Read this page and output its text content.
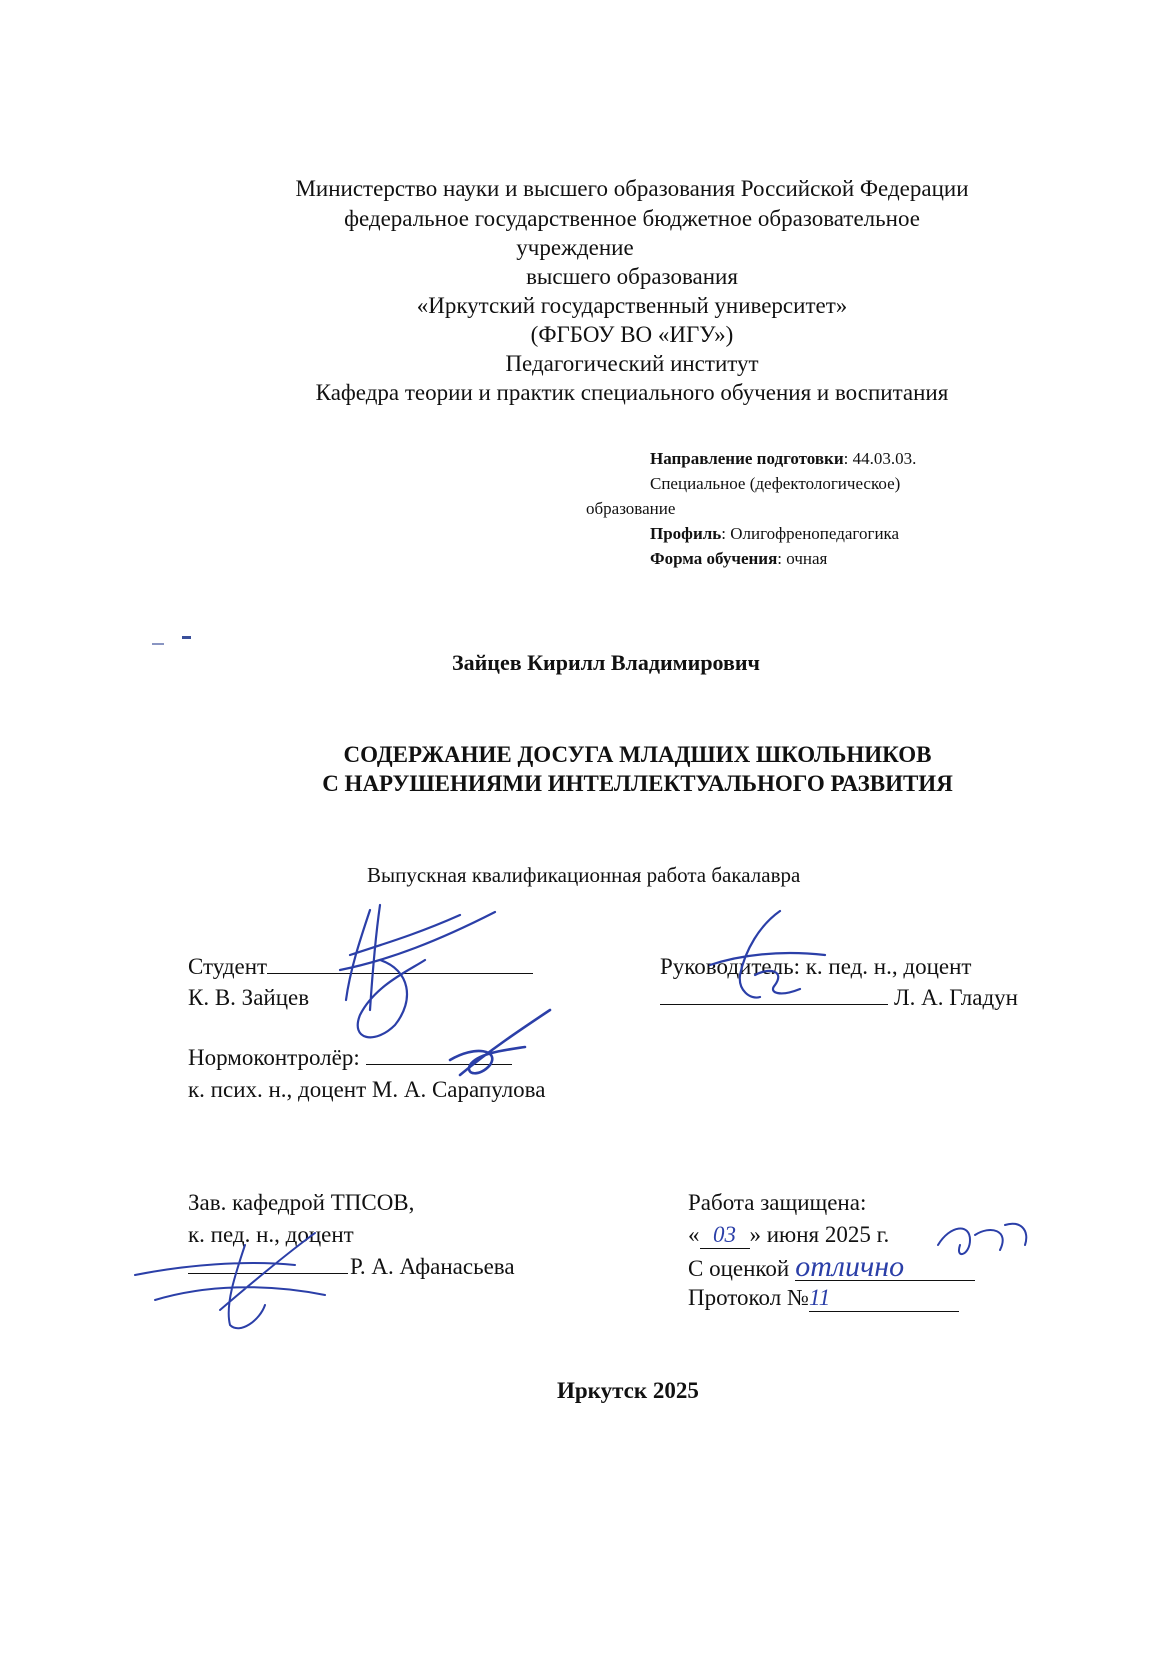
Министерство науки и высшего образования Российской Федерации
федеральное государственное бюджетное образовательное
учреждение
высшего образования
«Иркутский государственный университет»
(ФГБОУ ВО «ИГУ»)
Педагогический институт
Кафедра теории и практик специального обучения и воспитания
Направление подготовки: 44.03.03.
Специальное (дефектологическое)
образование
Профиль: Олигофренопедагогика
Форма обучения: очная
Зайцев Кирилл Владимирович
СОДЕРЖАНИЕ ДОСУГА МЛАДШИХ ШКОЛЬНИКОВ
С НАРУШЕНИЯМИ ИНТЕЛЛЕКТУАЛЬНОГО РАЗВИТИЯ
Выпускная квалификационная работа бакалавра
Студент
К. В. Зайцев
Руководитель: к. пед. н., доцент
Л. А. Гладун
Нормоконтролёр:
к. псих. н., доцент М. А. Сарапулова
Зав. кафедрой ТПСОВ,
к. пед. н., доцент
Р. А. Афанасьева
Работа защищена:
« 03 » июня 2025 г.
С оценкой отлично
Протокол №11
Иркутск 2025
